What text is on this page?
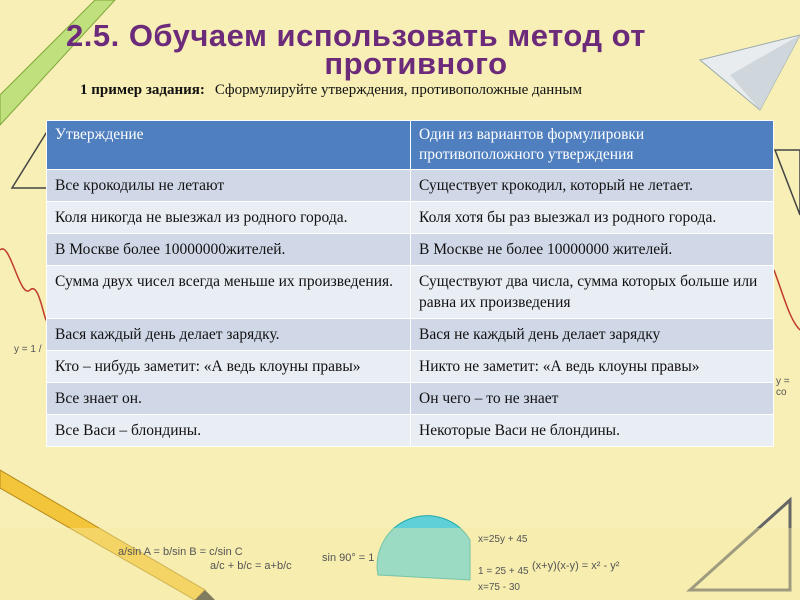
a/sin A = b/sin B = c/sin C
a/c + b/c = a+b/c
sin 90° = 1
x=25y + 45
1 = 25 + 45
x=75 - 30
(x+y)(x-y) = x² - y²
y = 1 /
y = co
2.5. Обучаем использовать метод от
противного
1 пример задания: Сформулируйте утверждения, противоположные данным
Утверждение	Один из вариантов формулировки противоположного утверждения
Все крокодилы не летают	Существует крокодил, который не летает.
Коля никогда не выезжал из родного города.	Коля хотя бы раз выезжал из родного города.
В Москве более 10000000жителей.	В Москве не более 10000000 жителей.
Сумма двух чисел всегда меньше их произведения.	Существуют два числа, сумма которых больше или равна их произведения
Вася каждый день делает зарядку.	Вася не каждый день делает зарядку
Кто – нибудь заметит: «А ведь клоуны правы»	Никто не заметит: «А ведь клоуны правы»
Все знает он.	Он чего – то не знает
Все Васи – блондины.	Некоторые Васи не блондины.
